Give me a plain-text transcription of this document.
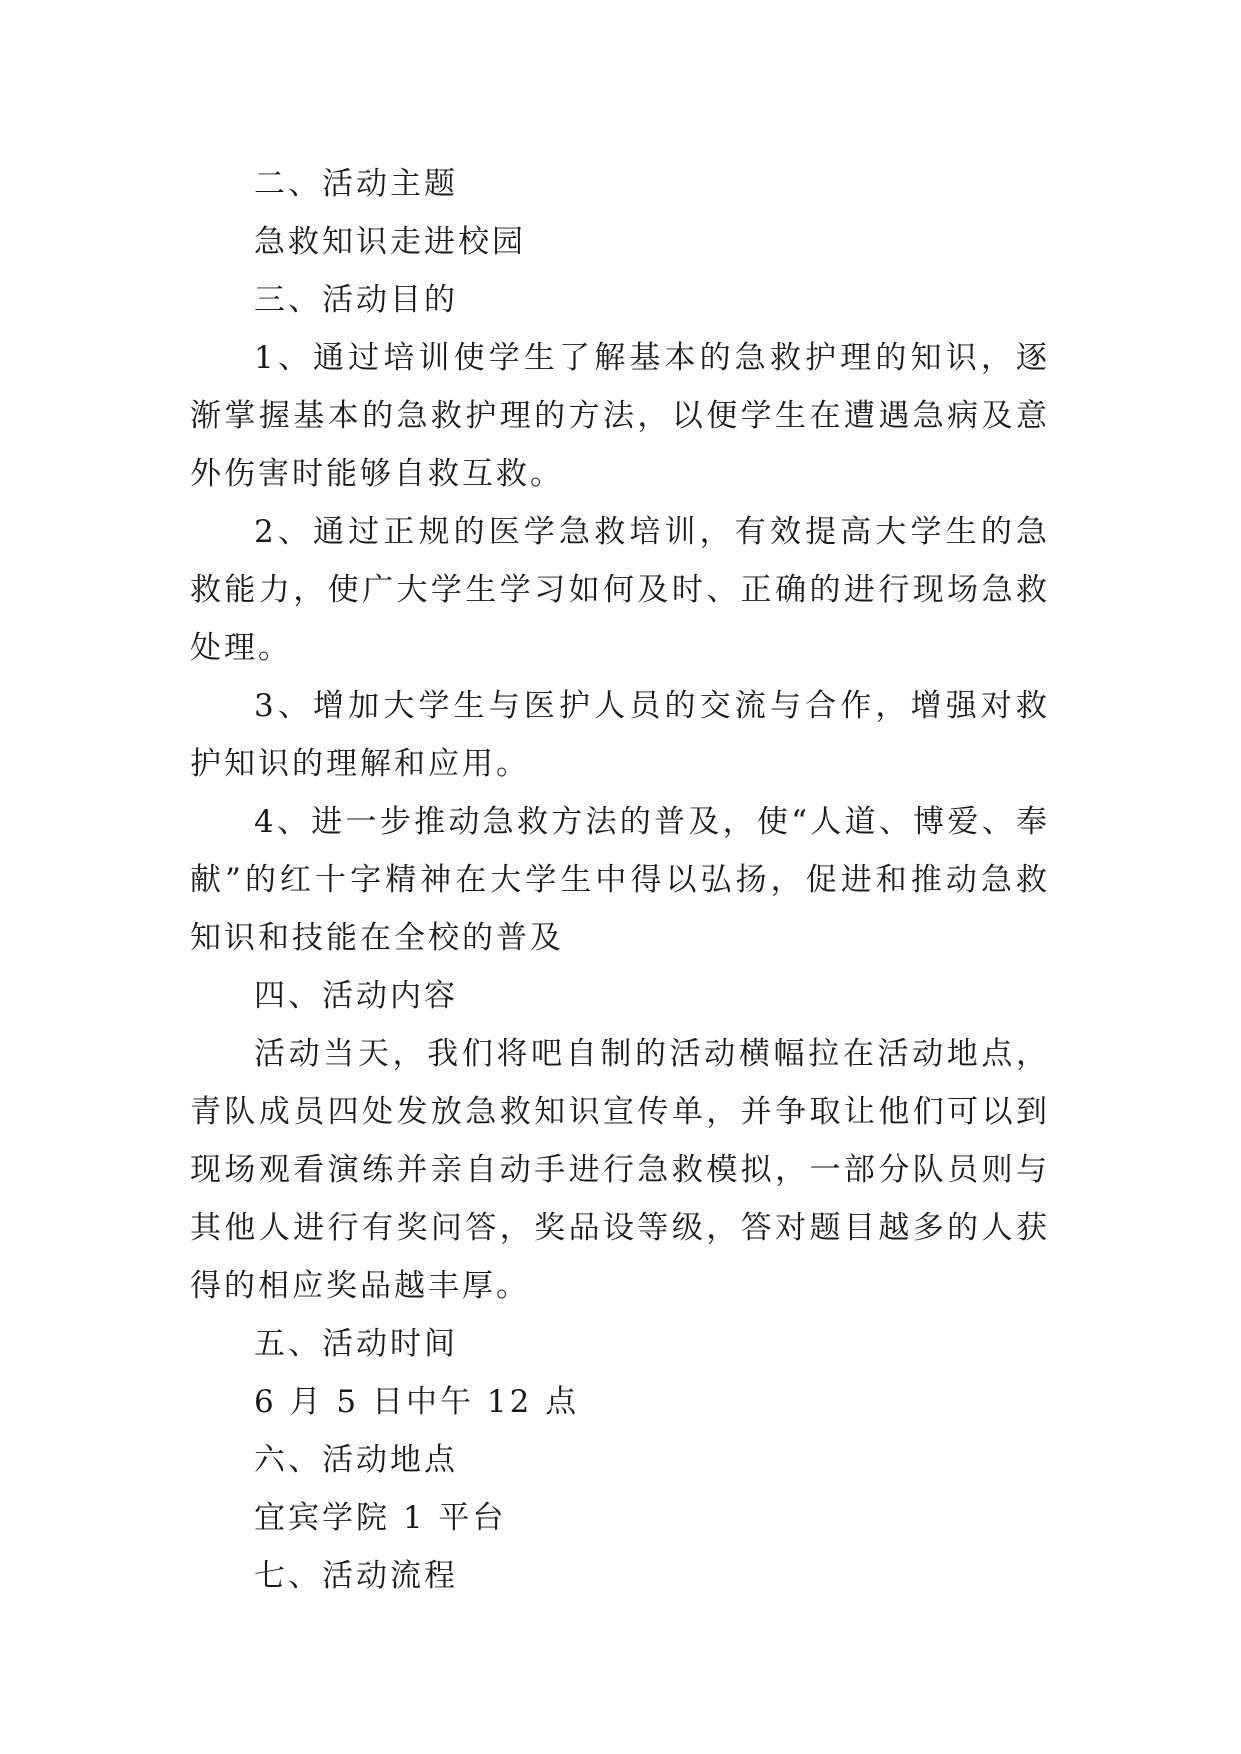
二、活动主题

急救知识走进校园

三、活动目的

1、通过培训使学生了解基本的急救护理的知识，逐渐掌握基本的急救护理的方法，以便学生在遭遇急病及意外伤害时能够自救互救。

2、通过正规的医学急救培训，有效提高大学生的急救能力，使广大学生学习如何及时、正确的进行现场急救处理。

3、增加大学生与医护人员的交流与合作，增强对救护知识的理解和应用。

4、进一步推动急救方法的普及，使“人道、博爱、奉献”的红十字精神在大学生中得以弘扬，促进和推动急救知识和技能在全校的普及

四、活动内容

活动当天，我们将吧自制的活动横幅拉在活动地点，青队成员四处发放急救知识宣传单，并争取让他们可以到现场观看演练并亲自动手进行急救模拟，一部分队员则与其他人进行有奖问答，奖品设等级，答对题目越多的人获得的相应奖品越丰厚。

五、活动时间

6 月 5 日中午 12 点

六、活动地点

宜宾学院 1 平台

七、活动流程
